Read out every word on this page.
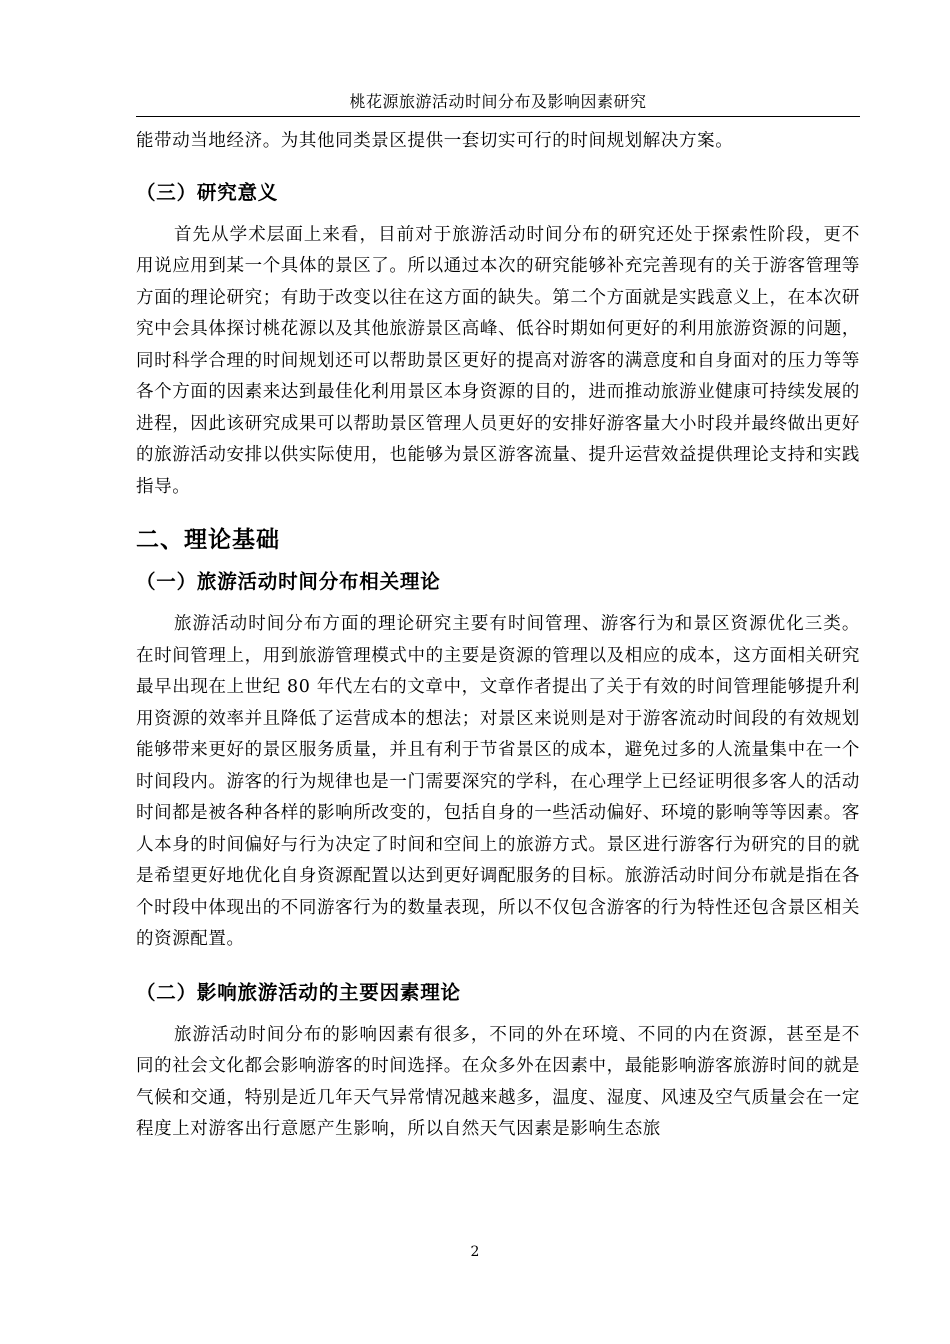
桃花源旅游活动时间分布及影响因素研究

能带动当地经济。为其他同类景区提供一套切实可行的时间规划解决方案。

（三）研究意义

首先从学术层面上来看，目前对于旅游活动时间分布的研究还处于探索性阶段，更不用说应用到某一个具体的景区了。所以通过本次的研究能够补充完善现有的关于游客管理等方面的理论研究；有助于改变以往在这方面的缺失。第二个方面就是实践意义上，在本次研究中会具体探讨桃花源以及其他旅游景区高峰、低谷时期如何更好的利用旅游资源的问题，同时科学合理的时间规划还可以帮助景区更好的提高对游客的满意度和自身面对的压力等等各个方面的因素来达到最佳化利用景区本身资源的目的，进而推动旅游业健康可持续发展的进程，因此该研究成果可以帮助景区管理人员更好的安排好游客量大小时段并最终做出更好的旅游活动安排以供实际使用，也能够为景区游客流量、提升运营效益提供理论支持和实践指导。

二、理论基础
（一）旅游活动时间分布相关理论

旅游活动时间分布方面的理论研究主要有时间管理、游客行为和景区资源优化三类。在时间管理上，用到旅游管理模式中的主要是资源的管理以及相应的成本，这方面相关研究最早出现在上世纪 80 年代左右的文章中，文章作者提出了关于有效的时间管理能够提升利用资源的效率并且降低了运营成本的想法；对景区来说则是对于游客流动时间段的有效规划能够带来更好的景区服务质量，并且有利于节省景区的成本，避免过多的人流量集中在一个时间段内。游客的行为规律也是一门需要深究的学科，在心理学上已经证明很多客人的活动时间都是被各种各样的影响所改变的，包括自身的一些活动偏好、环境的影响等等因素。客人本身的时间偏好与行为决定了时间和空间上的旅游方式。景区进行游客行为研究的目的就是希望更好地优化自身资源配置以达到更好调配服务的目标。旅游活动时间分布就是指在各个时段中体现出的不同游客行为的数量表现，所以不仅包含游客的行为特性还包含景区相关的资源配置。

（二）影响旅游活动的主要因素理论

旅游活动时间分布的影响因素有很多，不同的外在环境、不同的内在资源，甚至是不同的社会文化都会影响游客的时间选择。在众多外在因素中，最能影响游客旅游时间的就是气候和交通，特别是近几年天气异常情况越来越多，温度、湿度、风速及空气质量会在一定程度上对游客出行意愿产生影响，所以自然天气因素是影响生态旅

2
